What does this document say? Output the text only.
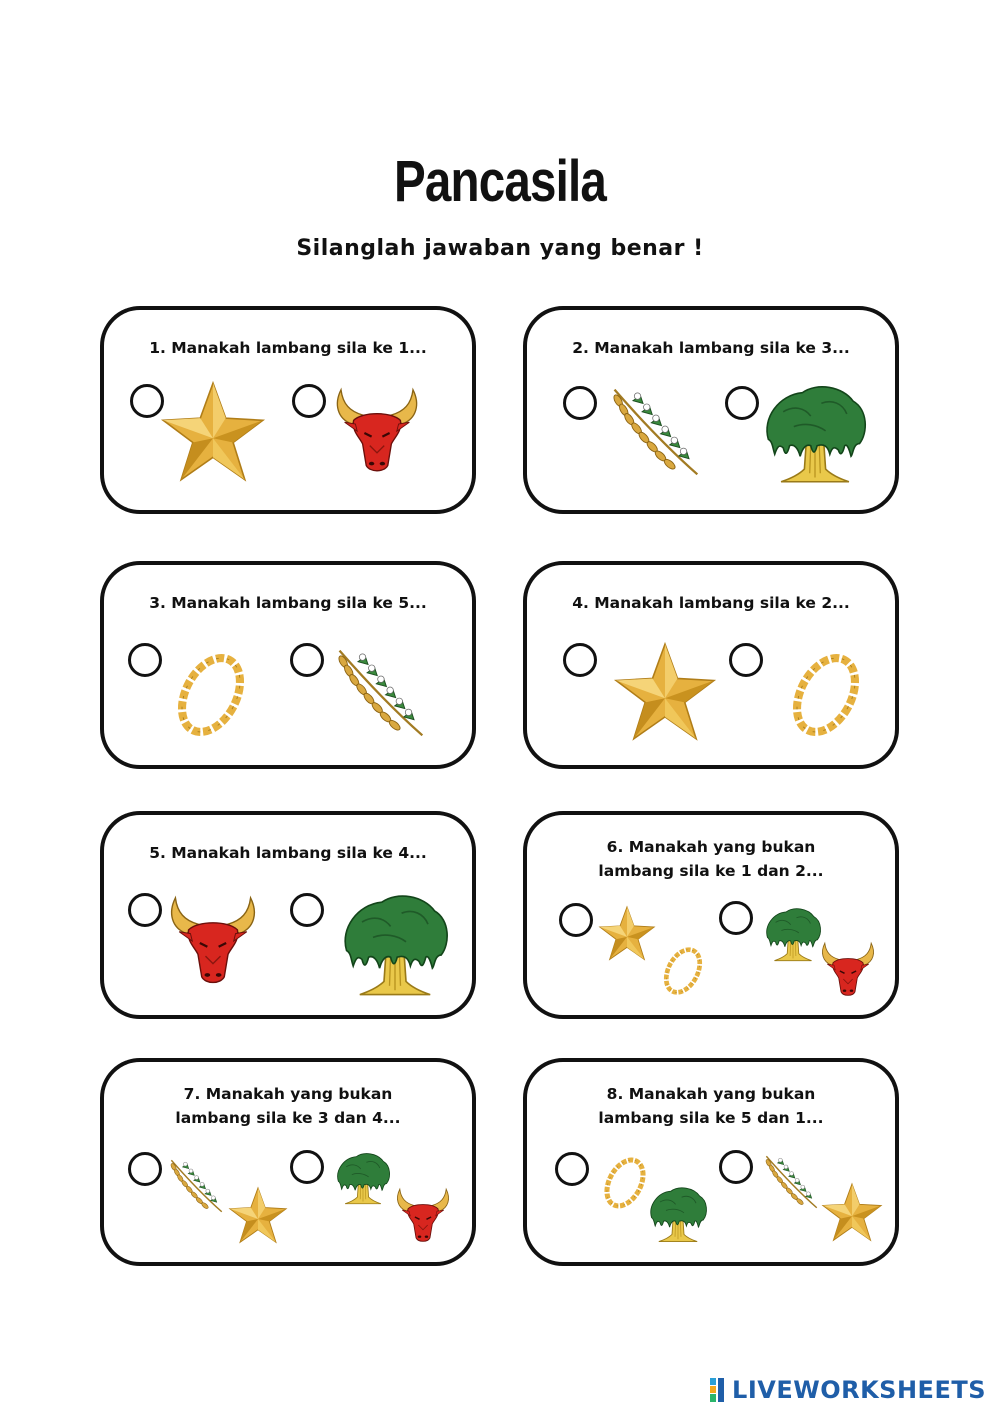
Pancasila
Silanglah jawaban yang benar !
1. Manakah lambang sila ke 1...	2. Manakah lambang sila ke 3...
3. Manakah lambang sila ke 5...	4. Manakah lambang sila ke 2...
5. Manakah lambang sila ke 4...	6. Manakah yang bukan
lambang sila ke 1 dan 2...
7. Manakah yang bukan
lambang sila ke 3 dan 4...
8. Manakah yang bukan
lambang sila ke 5 dan 1...
LIVEWORKSHEETS
